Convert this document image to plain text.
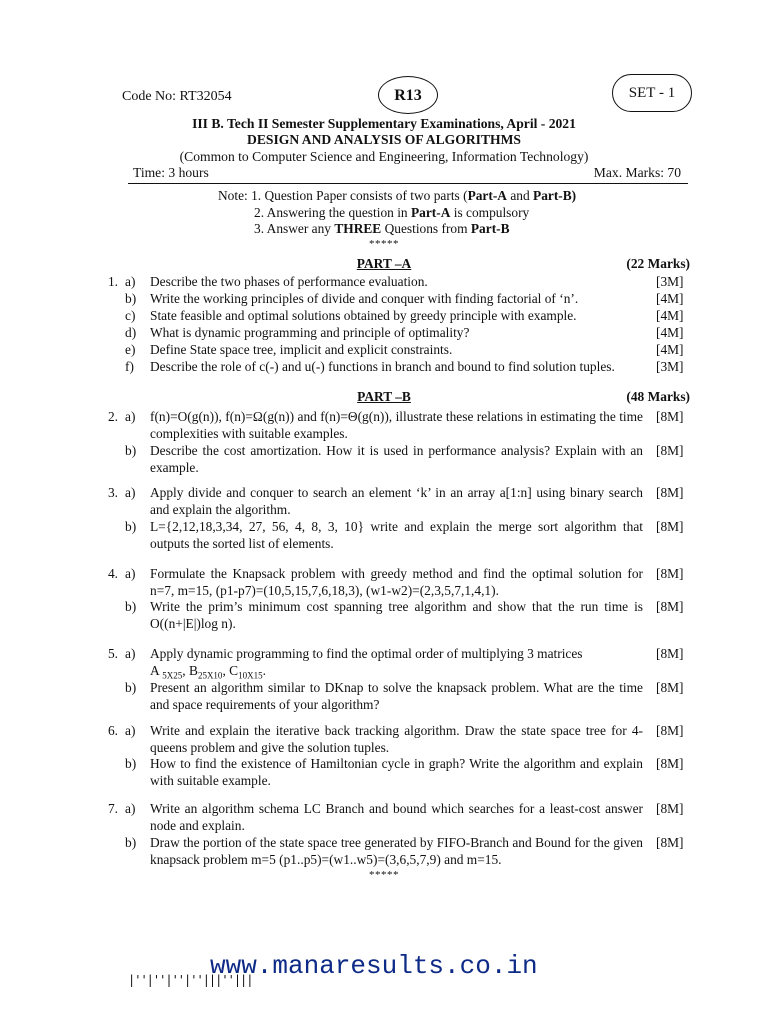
Code No: RT32054	R13	SET - 1
III B. Tech II Semester Supplementary Examinations, April - 2021
DESIGN AND ANALYSIS OF ALGORITHMS
(Common to Computer Science and Engineering, Information Technology)
Time: 3 hours	Max. Marks: 70
Note: 1. Question Paper consists of two parts (Part-A and Part-B)
2. Answering the question in Part-A is compulsory
3. Answer any THREE Questions from Part-B
*****
PART –A	(22 Marks)
1. a) Describe the two phases of performance evaluation.	[3M]
b) Write the working principles of divide and conquer with finding factorial of ‘n’.	[4M]
c) State feasible and optimal solutions obtained by greedy principle with example.	[4M]
d) What is dynamic programming and principle of optimality?	[4M]
e) Define State space tree, implicit and explicit constraints.	[4M]
f) Describe the role of c(-) and u(-) functions in branch and bound to find solution tuples.	[3M]
PART –B	(48 Marks)
2. a) f(n)=O(g(n)), f(n)=Ω(g(n)) and f(n)=Θ(g(n)), illustrate these relations in estimating the time complexities with suitable examples.
[8M]
b) Describe the cost amortization. How it is used in performance analysis? Explain with an example.
[8M]
3. a) Apply divide and conquer to search an element ‘k’ in an array a[1:n] using binary search and explain the algorithm.
[8M]
b) L={2,12,18,3,34, 27, 56, 4, 8, 3, 10} write and explain the merge sort algorithm that outputs the sorted list of elements.
[8M]
4. a) Formulate the Knapsack problem with greedy method and find the optimal solution for n=7, m=15, (p1-p7)=(10,5,15,7,6,18,3), (w1-w2)=(2,3,5,7,1,4,1).
[8M]
b) Write the prim’s minimum cost spanning tree algorithm and show that the run time is O((n+|E|)log n).
[8M]
5. a) Apply dynamic programming to find the optimal order of multiplying 3 matrices
A $_{5X25}$, $B_{25X10}$, $C_{10X15}$.
[8M]
b) Present an algorithm similar to DKnap to solve the knapsack problem. What are the time and space requirements of your algorithm?
[8M]
6. a) Write and explain the iterative back tracking algorithm. Draw the state space tree for 4-queens problem and give the solution tuples.
[8M]
b) How to find the existence of Hamiltonian cycle in graph? Write the algorithm and explain with suitable example.
[8M]
7. a) Write an algorithm schema LC Branch and bound which searches for a least-cost answer node and explain.
[8M]
b) Draw the portion of the state space tree generated by FIFO-Branch and Bound for the given knapsack problem m=5 (p1..p5)=(w1..w5)=(3,6,5,7,9) and m=15.
[8M]
*****
|''|''|''|''|||''|||
www.manaresults.co.in
